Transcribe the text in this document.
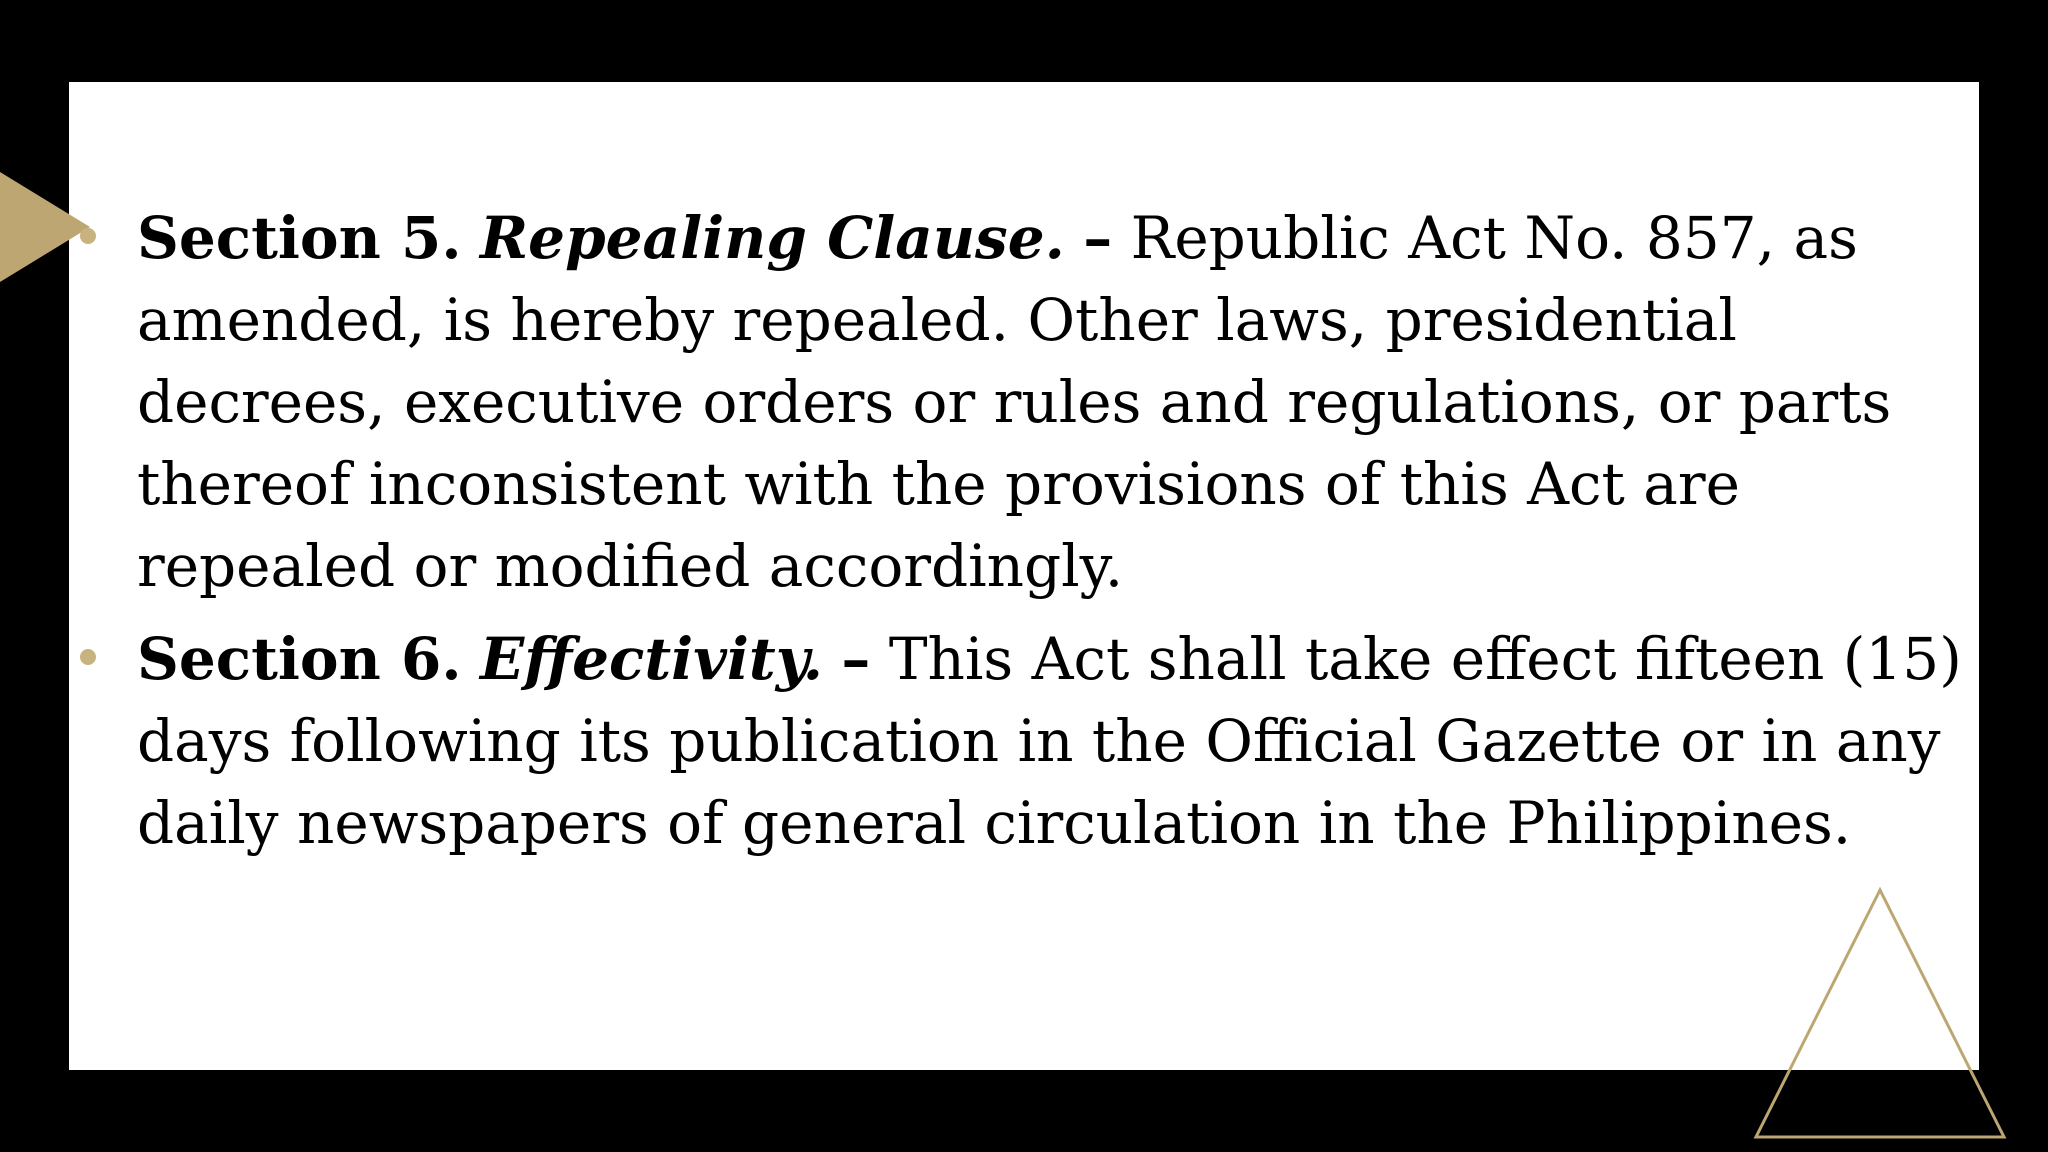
Section 5. Repealing Clause. – Republic Act No. 857, as amended, is hereby repealed. Other laws, presidential decrees, executive orders or rules and regulations, or parts thereof inconsistent with the provisions of this Act are repealed or modified accordingly.
Section 6. Effectivity. – This Act shall take effect fifteen (15) days following its publication in the Official Gazette or in any daily newspapers of general circulation in the Philippines.
